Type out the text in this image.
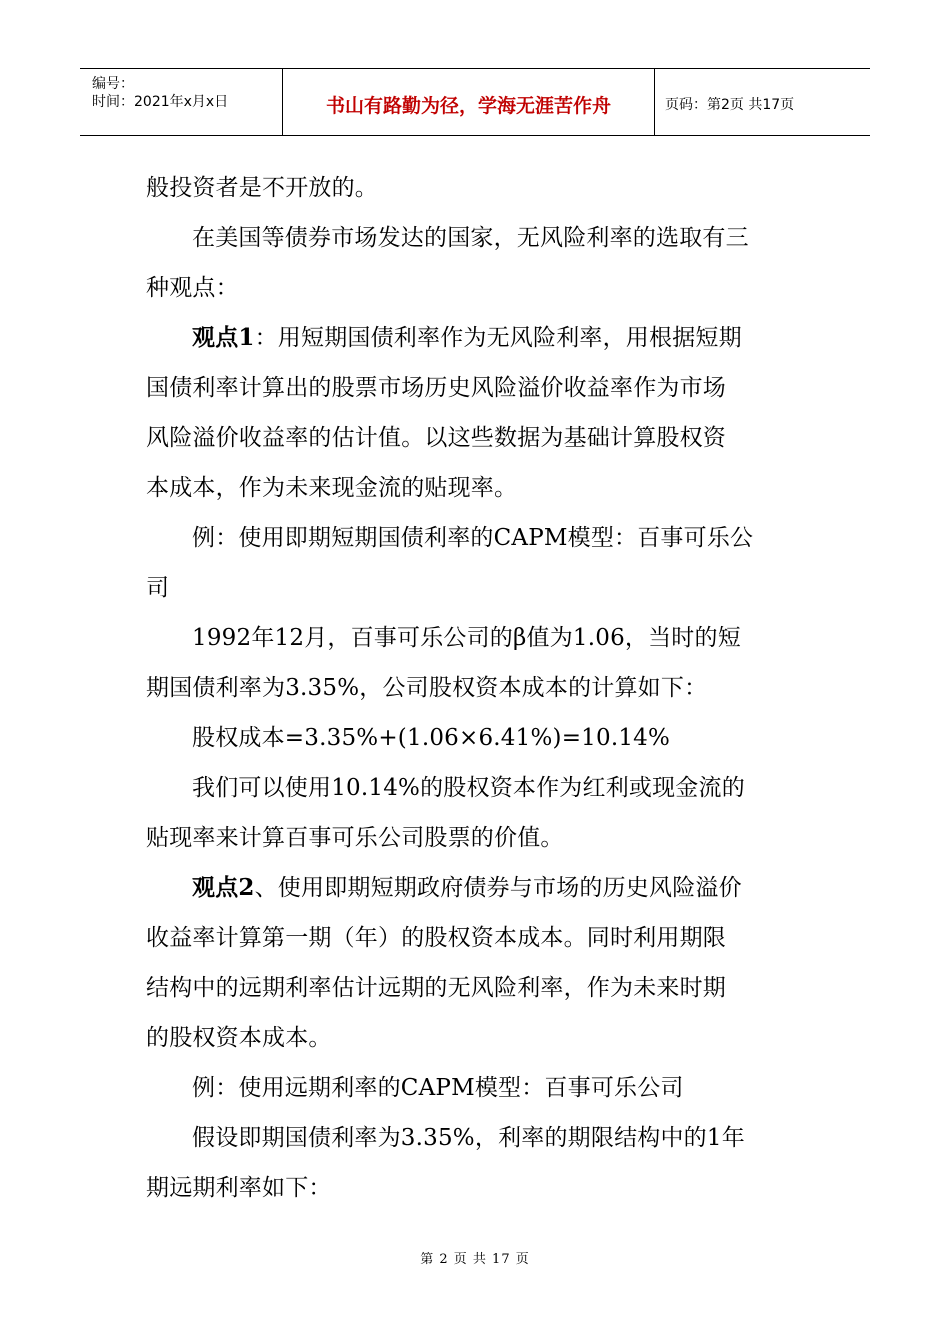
编号：
时间：2021年x月x日	书山有路勤为径，学海无涯苦作舟	页码：第2页 共17页
般投资者是不开放的。
在美国等债券市场发达的国家，无风险利率的选取有三
种观点：
观点1：用短期国债利率作为无风险利率，用根据短期
国债利率计算出的股票市场历史风险溢价收益率作为市场
风险溢价收益率的估计值。以这些数据为基础计算股权资
本成本，作为未来现金流的贴现率。
例：使用即期短期国债利率的CAPM模型：百事可乐公
司
1992年12月，百事可乐公司的β值为1.06，当时的短
期国债利率为3.35%，公司股权资本成本的计算如下：
股权成本=3.35%+(1.06×6.41%)=10.14%
我们可以使用10.14%的股权资本作为红利或现金流的
贴现率来计算百事可乐公司股票的价值。
观点2、使用即期短期政府债券与市场的历史风险溢价
收益率计算第一期（年）的股权资本成本。同时利用期限
结构中的远期利率估计远期的无风险利率，作为未来时期
的股权资本成本。
例：使用远期利率的CAPM模型：百事可乐公司
假设即期国债利率为3.35%，利率的期限结构中的1年
期远期利率如下：
第 2 页 共 17 页
